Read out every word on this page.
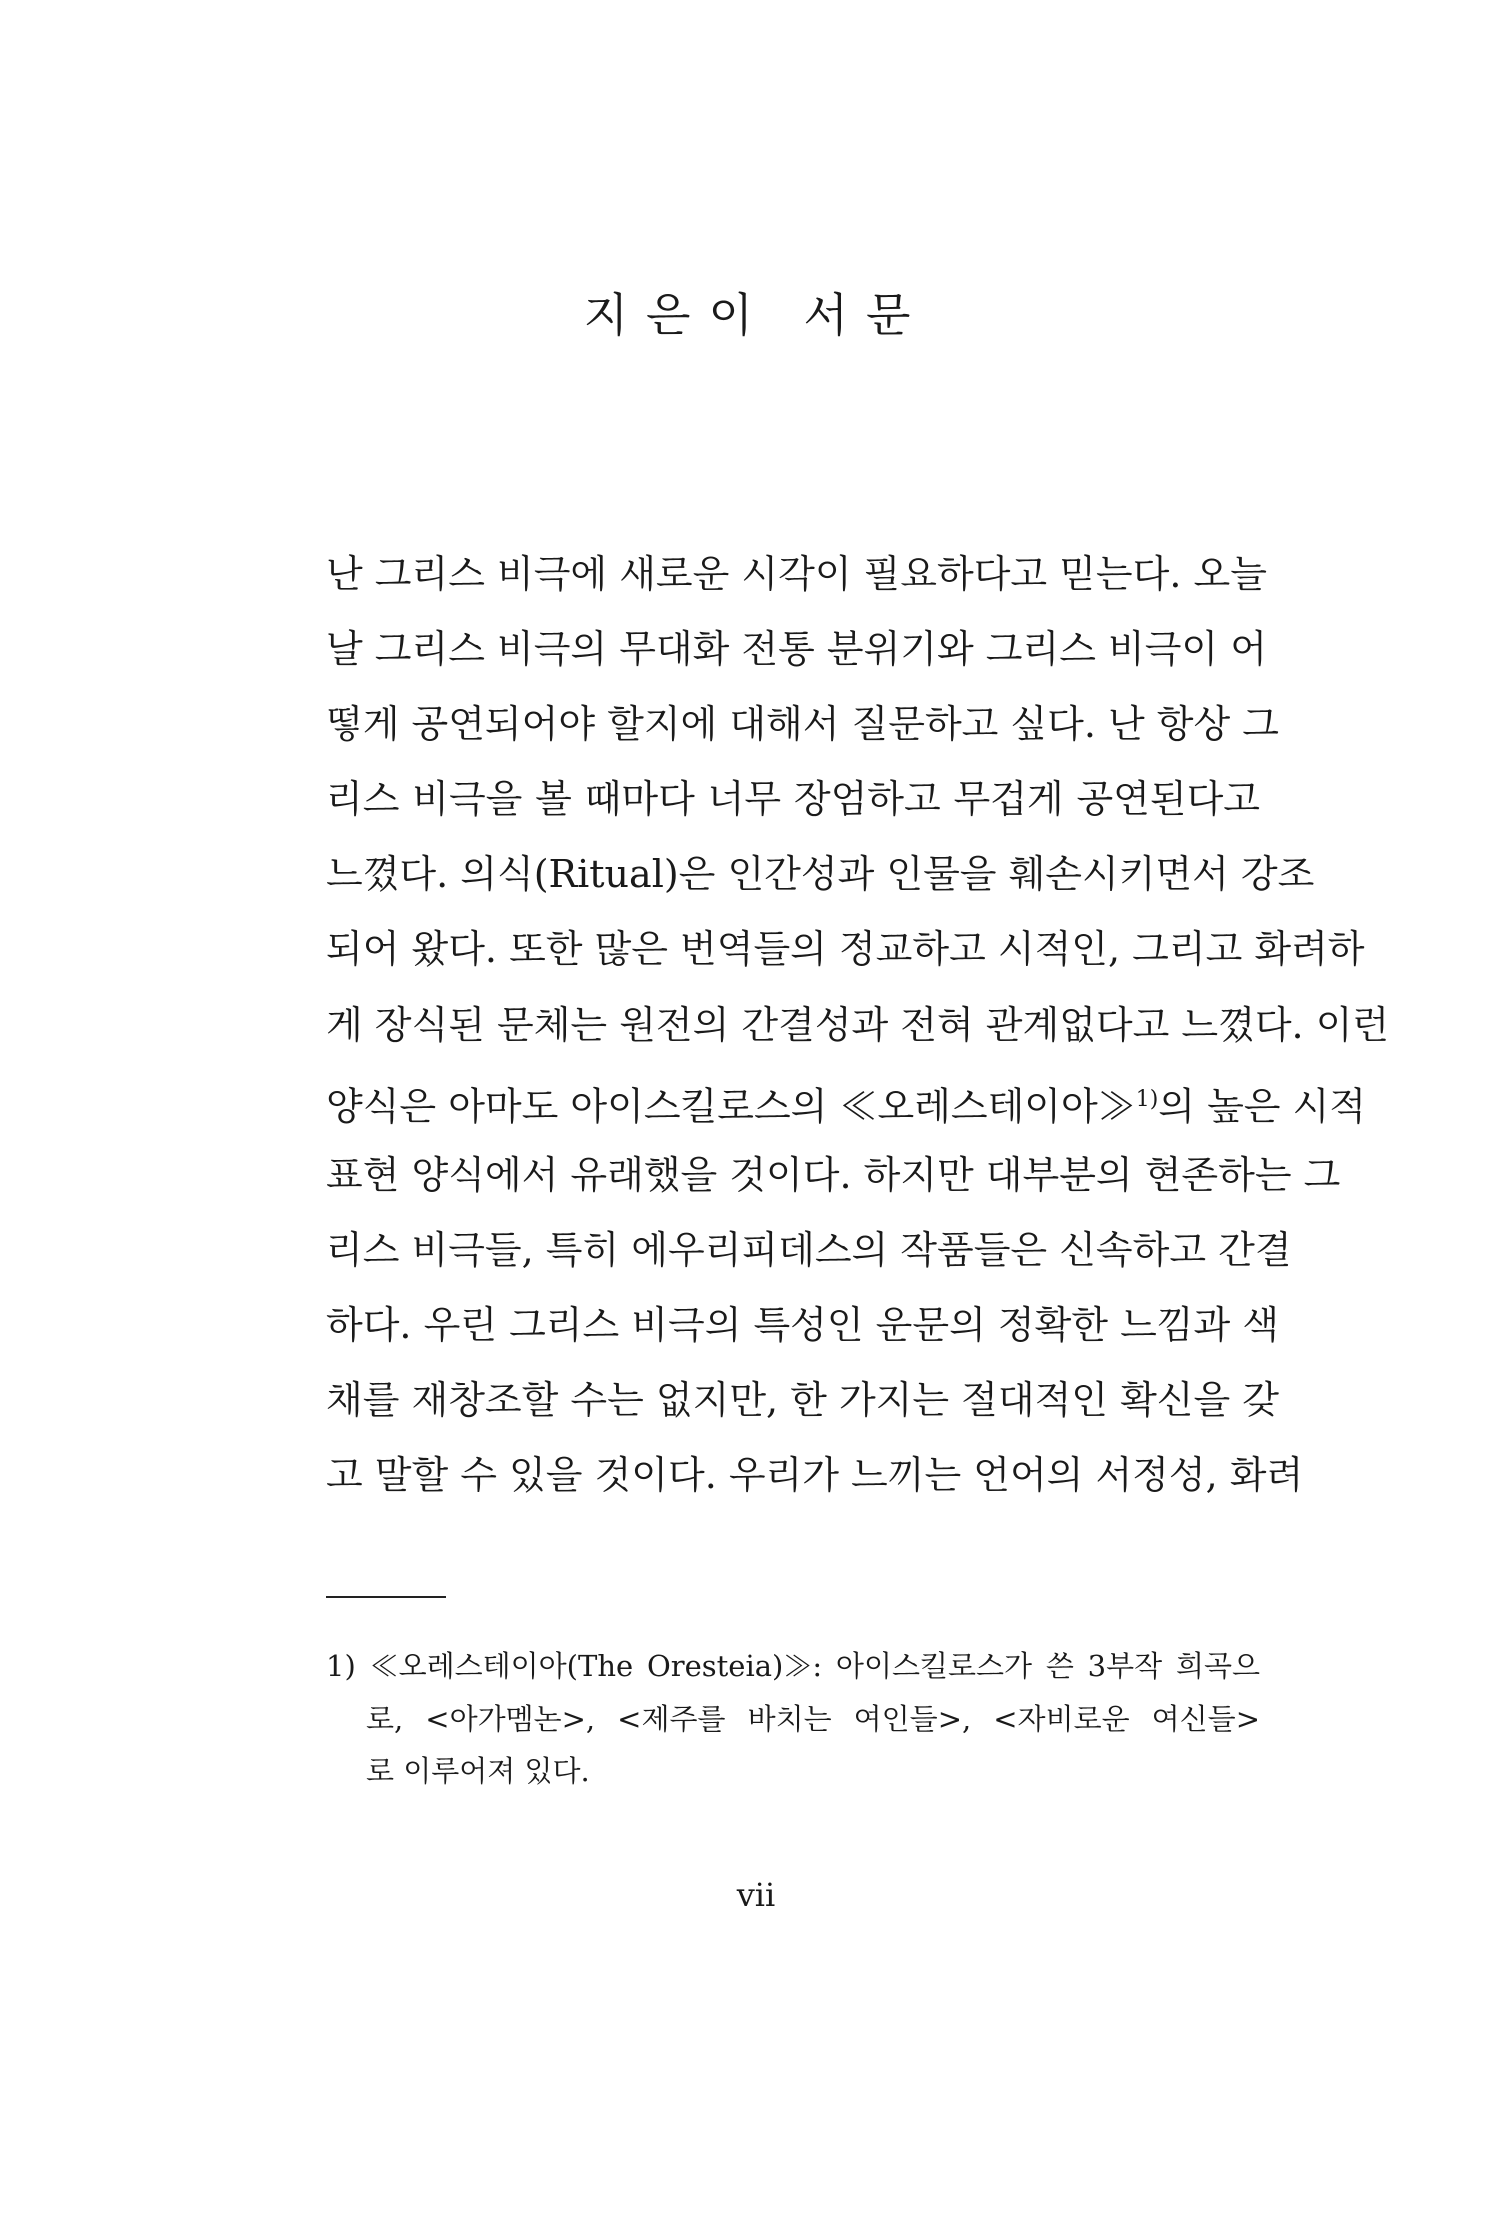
지은이 서문
난 그리스 비극에 새로운 시각이 필요하다고 믿는다. 오늘
날 그리스 비극의 무대화 전통 분위기와 그리스 비극이 어
떻게 공연되어야 할지에 대해서 질문하고 싶다. 난 항상 그
리스 비극을 볼 때마다 너무 장엄하고 무겁게 공연된다고
느꼈다. 의식(Ritual)은 인간성과 인물을 훼손시키면서 강조
되어 왔다. 또한 많은 번역들의 정교하고 시적인, 그리고 화려하
게 장식된 문체는 원전의 간결성과 전혀 관계없다고 느꼈다. 이런
양식은 아마도 아이스킬로스의 ≪오레스테이아≫$^{1)}$의 높은 시적
표현 양식에서 유래했을 것이다. 하지만 대부분의 현존하는 그
리스 비극들, 특히 에우리피데스의 작품들은 신속하고 간결
하다. 우린 그리스 비극의 특성인 운문의 정확한 느낌과 색
채를 재창조할 수는 없지만, 한 가지는 절대적인 확신을 갖
고 말할 수 있을 것이다. 우리가 느끼는 언어의 서정성, 화려
1) ≪오레스테이아(The Oresteia)≫: 아이스킬로스가 쓴 3부작 희곡으
로, <아가멤논>, <제주를 바치는 여인들>, <자비로운 여신들>
로 이루어져 있다.
vii
